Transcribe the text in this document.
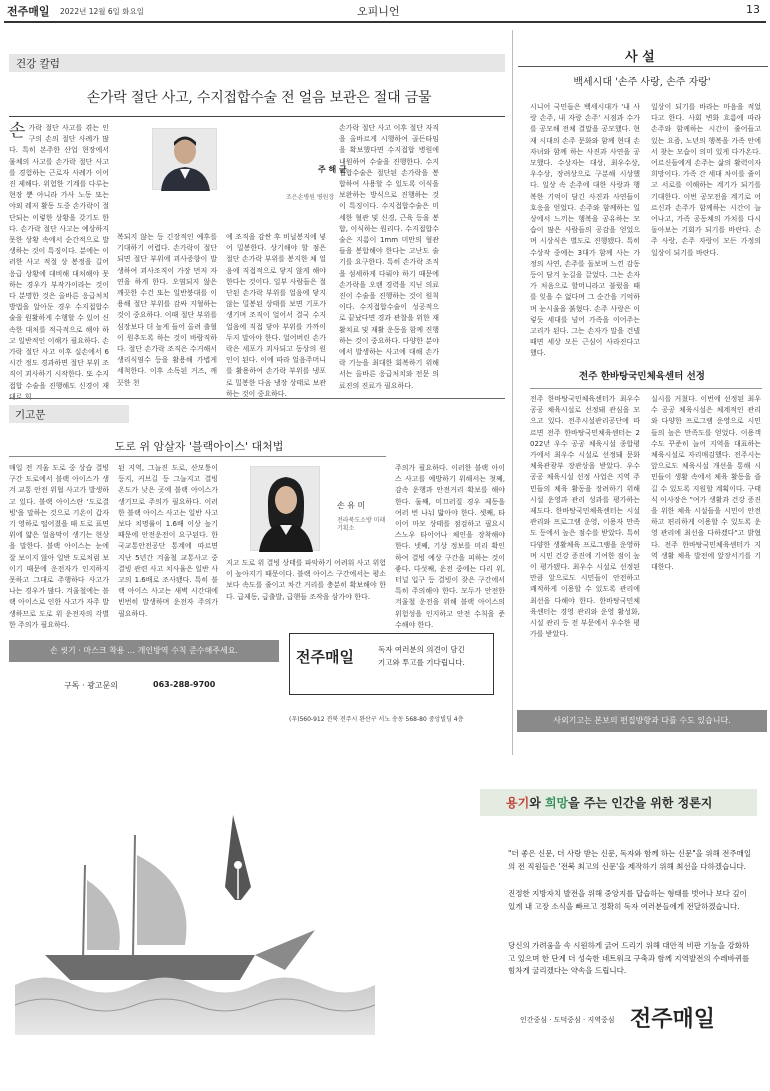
전주매일 2022년 12월 6일 화요일	오피니언	13
건강 칼럼
손가락 절단 사고, 수지접합수술 전 얼음 보관은 절대 금물
손가락 절단 사고를 겪는 인구의 손의 절단 사례가 많다. 특히 본주한 산업 현장에서 물체의 사고를 손가락 절단 사고를 경험하는 근로자 사례가 이어진 제해다. 위험한 기계를 다루는 현장 뿐 아니라 가사 노동 또는 야외 레저 활동 도중 손가락이 절단되는 이렇한 상황을 갖기도 한다. 손가락 절단 사고는 예상하지 못한 상황 속에서 순간적으로 발생하는 것이 특징이다. 분에는 이러한 사고 적절 상 봉정을 길어 응급 상황에 대비해 대처해야 못하는 경우가 부작가이라는 것이다 분명한 것은 올바른 응급처치 방법을 알아둔 경우 수지접합수술을 원활하게 수행할 수 있어 신속한 대처를 적극적으로 해야 하고 일반적인 이해가 필요하다. 손가락 절단 사고 이후 실손에서 6시간 정도 경과하면 절단 부위 조직이 괴사하기 시작한다. 또 수지접합 수술을 진행해도 신경이 재대로 회
주 해 균
조은손병원 병원장
복되지 않는 등 긴장적인 예후를 기대하기 어렵다. 손가락이 절단되면 절단 부위에 괴사증향이 발생하여 괴사조직이 가장 먼저 자연을 하게 한다. 오염되지 않은 깨끗한 수건 또는 일반붕대를 이용해 절단 부위를 감싸 지혈하는 것이 중요하다. 이때 절단 부위를 심장보다 더 높게 들어 올려 출혈이 원추도록 하는 것이 바람직하다. 절단 손가락 조직은 수거해서 생리식염수 등을 활용해 가볍게 세척한다. 이후 소독된 거즈, 깨끗한 천
에 조직을 감싼 후 비닐봉지에 넣어 밀봉한다. 상기해야 할 점은 절단 손가락 부위를 봉지한 채 얼음에 직접적으로 닿지 않게 해야 한다는 것이다. 일부 사람들은 절단된 손가락 부위를 얼음에 닿지 않는 밀봉된 상태를 보면 기포가 생기며 조직이 얼어서 결국 수지 얼음에 직접 닿아 부위를 가까이 두지 말아야 한다. 얼어버린 손가락은 세포가 괴사되고 동상의 원인이 된다. 이에 따라 얼음주머니를 활용하여 손가락 부위를 냉포로 밀봉한 다음 냉장 상태로 보관하는 것이 중요하다.
손가락 절단 사고 이후 절단 자직을 올바르게 시행하여 골든타임을 확보했다면 수지접합 병원에 내원하여 수술을 진행한다. 수지접합수술은 절단된 손가락을 봉합하여 사용할 수 있도록 이식을 보완하는 방식으로 진행하는 것이 특징이다. 수지접합수술은 미세한 혈관 및 신경, 근육 등을 봉합, 이식하는 원리다. 수지접합수술은 지름이 1mm 미만의 혈관들을 봉합해야 한다는 고난도 술기를 요구한다. 특히 손가락 조직을 섬세하게 다뤄야 하기 때문에 손가락을 오랜 경력을 지닌 의료진이 수술을 진행하는 것이 원칙이다. 수지접합수술이 성공적으로 끝났다면 경과 관찰을 위한 재활치료 및 재활 운동을 함께 진행하는 것이 중요하다. 다양한 분야에서 발생하는 사고에 대해 손가락 기능을 최대한 회복하기 위해서는 올바른 응급처치와 전문 의료진의 진료가 필요하다.
사 설
백세시대 '손주 사랑, 손주 자랑'
시니어 국민들은 백세시대가 '내 사랑 손주, 내 자랑 손주' 시점과 수가를 공모해 전체 결말을 공모했다. 현재 시대의 손주 문화와 함께 현대 손자녀와 함께 하는 사진과 사연을 공모했다. 수상자는 대상, 최우수상, 우수상, 장려상으로 구분해 시상했다. 일상 속 손주에 대한 사랑과 행복한 기억이 담긴 사진과 사연들이 호응을 얻었다. 손주와 함께하는 일상에서 느끼는 행복을 공유하는 모습이 많은 사람들의 공감을 얻었으며 시상식은 별도로 진행됐다. 특히 수상작 중에는 3대가 함께 사는 가정의 사연, 손주를 돌보며 느낀 감동 등이 담겨 눈길을 끌었다. 그는 손자가 처음으로 할머니라고 불렀을 때를 잊을 수 없다며 그 순간을 기억하며 눈시울을 붉혔다. 손주 사랑은 이렇듯 세대를 넘어 가족을 이어주는 고리가 된다. 그는 손자가 말을 건넬 때면 세상 모든 근심이 사라진다고 했다.
일상이 되기를 바라는 마음을 적었다고 한다. 사회 변화 흐름에 따라 손주와 함께하는 시간이 줄어들고 있는 요즘, 노년의 행복을 가족 안에서 찾는 모습이 의미 있게 다가온다. 어르신들에게 손주는 삶의 활력이자 희망이다. 가족 간 세대 차이를 줄이고 서로를 이해하는 계기가 되기를 기대한다. 이번 공모전을 계기로 어르신과 손주가 함께하는 시간이 늘어나고, 가족 공동체의 가치를 다시 돌아보는 기회가 되기를 바란다. 손주 사랑, 손주 자랑이 모든 가정의 일상이 되기를 바란다.
전주 한바탕국민체육센터 선정
전주 한바탕국민체육센터가 최우수 공공 체육시설로 선정돼 관심을 모으고 있다. 전주시설관리공단에 따르면 전주 한바탕국민체육센터는 2022년 우수 공공 체육시설 종합평가에서 최우수 시설로 선정돼 문화체육관광부 장관상을 받았다. 우수 공공 체육시설 선정 사업은 지역 주민들의 체육 활동을 장려하기 위해 시설 운영과 관리 성과를 평가하는 제도다. 한바탕국민체육센터는 시설 관리와 프로그램 운영, 이용자 만족도 등에서 높은 점수를 받았다. 특히 다양한 생활체육 프로그램을 운영하며 시민 건강 증진에 기여한 점이 높이 평가됐다. 최우수 시설로 선정된 만큼 앞으로도 시민들이 안전하고 쾌적하게 이용할 수 있도록 관리에 최선을 다해야 한다. 한바탕국민체육센터는 경영 관리와 운영 활성화, 시설 관리 등 전 부문에서 우수한 평가를 받았다.
실시를 거쳤다. 이번에 선정된 최우수 공공 체육시설은 체계적인 관리와 다양한 프로그램 운영으로 시민들의 높은 만족도를 얻었다. 이용객 수도 꾸준히 늘어 지역을 대표하는 체육시설로 자리매김했다. 전주시는 앞으로도 체육시설 개선을 통해 시민들이 생활 속에서 체육 활동을 즐길 수 있도록 지원할 계획이다. 구태식 이사장은 "여가 생활과 건강 증진을 위한 체육 시설들을 시민이 안전하고 편리하게 이용할 수 있도록 운영 관리에 최선을 다하겠다"고 밝혔다. 전주 한바탕국민체육센터가 지역 생활 체육 발전에 앞장서기를 기대한다.
사외기고는 본보의 편집방향과 다를 수도 있습니다.
기고문
도로 위 암살자 '블랙아이스' 대처법
매일 전 겨울 도로 중 상습 결빙구간 도로에서 블랙 아이스가 생겨 교통 안전 위협 사고가 발생하고 있다. 블랙 아이스란 '도로결빙'을 말하는 것으로 기온이 갑자기 영하로 떨어졌을 때 도로 표면 위에 얇은 얼음막이 생기는 현상을 말한다. 블랙 아이스는 눈에 잘 보이지 않아 일반 도로처럼 보이기 때문에 운전자가 인지하지 못하고 그대로 주행하다 사고가 나는 경우가 많다. 겨울철에는 블랙 아이스로 인한 사고가 자주 발생하므로 도로 위 운전자의 각별한 주의가 필요하다.
된 지역, 그늘진 도로, 산모퉁이 등지, 커브길 등 그늘지고 결빙 온도가 낮은 곳에 블랙 아이스가 생기므로 주의가 필요하다. 이러한 블랙 아이스 사고는 일반 사고보다 치명률이 1.6배 이상 높기 때문에 안전운전이 요구된다. 한국교통안전공단 통계에 따르면 지난 5년간 겨울철 교통사고 중 결빙 관련 사고 치사율은 일반 사고의 1.6배로 조사됐다. 특히 블랙 아이스 사고는 새벽 시간대에 빈번히 발생하며 운전자 주의가 필요하다.
손 유 미
전라북도소방 미래기획소
지고 도로 위 결빙 상태를 파악하기 어려워 사고 위험이 높아지기 때문이다. 블랙 아이스 구간에서는 평소보다 속도를 줄이고 차간 거리를 충분히 확보해야 한다. 급제동, 급출발, 급핸들 조작을 삼가야 한다.
주의가 필요하다. 이러한 블랙 아이스 사고를 예방하기 위해서는 첫째, 감속 운행과 안전거리 확보를 해야 한다. 둘째, 미끄러질 경우 제동을 여러 번 나눠 밟아야 한다. 셋째, 타이어 마모 상태를 점검하고 필요시 스노우 타이어나 체인을 장착해야 한다. 넷째, 기상 정보를 미리 확인하여 결빙 예상 구간을 피하는 것이 좋다. 다섯째, 운전 중에는 다리 위, 터널 입구 등 결빙이 잦은 구간에서 특히 주의해야 한다. 모두가 안전한 겨울철 운전을 위해 블랙 아이스의 위험성을 인지하고 안전 수칙을 준수해야 한다.
손 씻기 · 마스크 착용 … 개인방역 수칙 준수해주세요.
구독 · 광고문의	063-288-9700
전주매일	독자 여러분의 의견이 담긴
기고와 투고를 기다립니다.
(우)560-912 전북 전주시 완산구 서노 송동 568-80 중앙빌딩 4층
용기와 희망을 주는 인간을 위한 정론지
"더 좋은 신문, 더 사랑 받는 신문, 독자와 함께 하는 신문"을 위해 전주매일의 전 직원들은 '전북 최고의 신문'을 제작하기 위해 최선을 다하겠습니다.
진정한 지방자치 발전을 위해 중앙지를 답습하는 형태를 벗어나 보다 깊이 있게 내 고장 소식을 빠르고 정확히 독자 여러분들에게 전달하겠습니다.
당신의 가려움을 속 시원하게 긁어 드리기 위해 대안적 비판 기능을 강화하고 있으며 한 단계 더 성숙한 네트워크 구축과 함께 지역발전의 수레바퀴를 힘차게 굴리겠다는 약속을 드립니다.
인간중심 · 도덕중심 · 지역중심 전주매일
